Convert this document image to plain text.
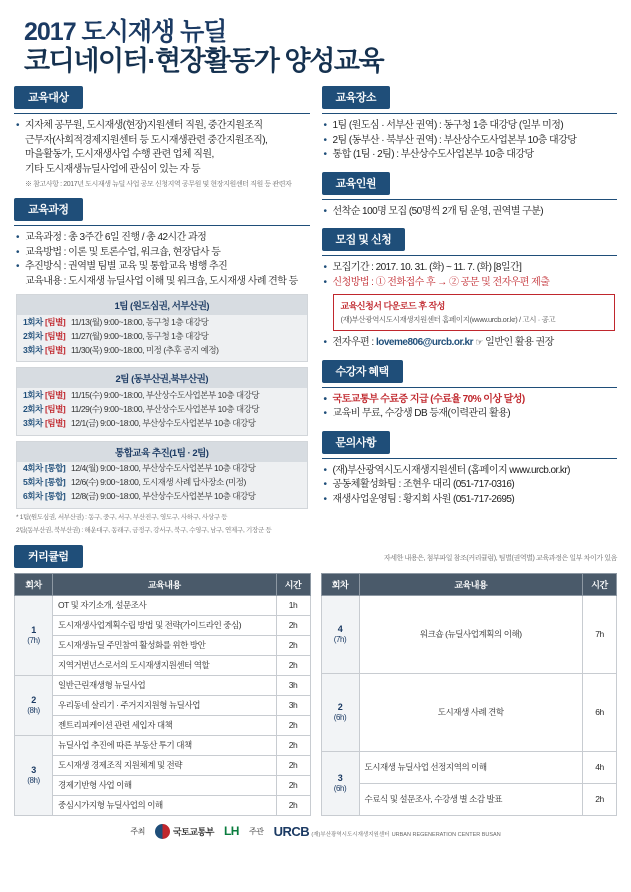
2017 도시재생 뉴딜
코디네이터·현장활동가 양성교육
교육대상
• 지자체 공무원, 도시재생(현장)지원센터 직원, 중간지원조직
근무자(사회적경제지원센터 등 도시재생관련 중간지원조직),
마을활동가, 도시재생사업 수행 관련 업체 직원,
기타 도시재생뉴딜사업에 관심이 있는 자 등
※ 참고사항 : 2017년 도시재생 뉴딜 사업 공모 신청지역 공무원 및 현장지원센터 직원 등 관련자
교육과정
• 교육과정 : 총 3주간 6일 진행 / 총 42시간 과정
• 교육방법 : 이론 및 토론수업, 워크숍, 현장답사 등
• 추진방식 : 권역별 팀별 교육 및 통합교육 병행 추진
교육내용 : 도시재생 뉴딜사업 이해 및 워크숍, 도시재생 사례 견학 등
1팀 (원도심권, 서부산권)
1회차 [팀별] 11/13(월) 9:00~18:00, 동구청 1층 대강당
2회차 [팀별] 11/27(월) 9:00~18:00, 동구청 1층 대강당
3회차 [팀별] 11/30(목) 9:00~18:00, 미정 (추후 공지 예정)
2팀 (동부산권,북부산권)
1회차 [팀별] 11/15(수) 9:00~18:00, 부산상수도사업본부 10층 대강당
2회차 [팀별] 11/29(수) 9:00~18:00, 부산상수도사업본부 10층 대강당
3회차 [팀별] 12/1(금) 9:00~18:00, 부산상수도사업본부 10층 대강당
통합교육 추진(1팀 · 2팀)
4회차 [통합] 12/4(월) 9:00~18:00, 부산상수도사업본부 10층 대강당
5회차 [통합] 12/6(수) 9:00~18:00, 도시재생 사례 답사장소 (미정)
6회차 [통합] 12/8(금) 9:00~18:00, 부산상수도사업본부 10층 대강당
* 1팀(원도심권, 서부산권) : 동구, 중구, 서구, 부산진구, 영도구, 사하구, 사상구 등
2팀(동부산권, 북부산권) : 해운대구, 동래구, 금정구, 강서구, 북구, 수영구, 남구, 연제구, 기장군 등
교육장소
• 1팀 (원도심 · 서부산 권역) : 동구청 1층 대강당 (일부 미정)
• 2팀 (동부산 · 북부산 권역) : 부산상수도사업본부 10층 대강당
• 통합 (1팀 · 2팀) : 부산상수도사업본부 10층 대강당
교육인원
• 선착순 100명 모집 (50명씩 2개 팀 운영, 권역별 구분)
모집 및 신청
• 모집기간 : 2017. 10. 31. (화) ~ 11. 7. (화) [8일간]
• 신청방법 : ① 전화접수 후 → ② 공문 및 전자우편 제출
교육신청서 다운로드 후 작성
(재)부산광역시도시재생지원센터 홈페이지(www.urcb.or.kr) / 고시 · 공고
• 전자우편 : loveme806@urcb.or.kr ☞ 일반인 활용 권장
수강자 혜택
• 국토교통부 수료증 지급 (수료율 70% 이상 달성)
• 교육비 무료, 수강생 DB 등재(이력관리 활용)
문의사항
• (재)부산광역시도시재생지원센터 (홈페이지 www.urcb.or.kr)
• 공동체활성화팀 : 조현우 대리 (051-717-0316)
• 재생사업운영팀 : 황지회 사원 (051-717-2695)
커리큘럼	자세한 내용은, 첨부파일 참조(커리큘럼), 팀별(권역별) 교육과정은 일부 차이가 있음
회차	교육내용	시간
1
(7h)	OT 및 자기소개, 설문조사	1h
	도시재생사업계획수립 방법 및 전략(가이드라인 중심)	2h
	도시재생뉴딜 주민참여 활성화를 위한 방안	2h
	지역거번넌스로서의 도시재생지원센터 역할	2h
2
(8h)	일반근린재생형 뉴딜사업	3h
	우리동네 살리기 · 주거지지원형 뉴딜사업	3h
	젠트리피케이션 관련 세입자 대책	2h
3
(8h)	뉴딜사업 추진에 따른 부동산 투기 대책	2h
	도시재생 경제조직 지원체계 및 전략	2h
	경제기반형 사업 이해	2h
	중심시가지형 뉴딜사업의 이해	2h
회차	교육내용	시간
4
(7h)	워크숍 (뉴딜사업계획의 이해)	7h
2
(6h)	도시재생 사례 견학	6h
3
(6h)	도시재생 뉴딜사업 선정지역의 이해	4h
	수료식 및 설문조사, 수강생 별 소감 발표	2h
주최	국토교통부 LH 주관 URCB (재)부산광역시도시재생지원센터 URBAN REGENERATION CENTER BUSAN
